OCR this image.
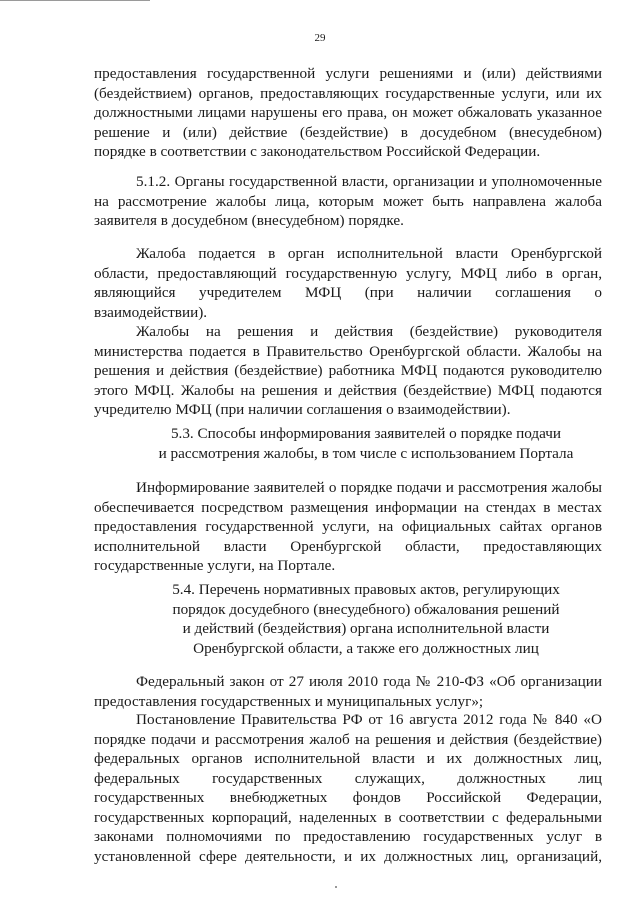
29
предоставления государственной услуги решениями и (или) действиями
(бездействием) органов, предоставляющих государственные услуги, или их
должностными лицами нарушены его права, он может обжаловать указанное
решение и (или) действие (бездействие) в досудебном (внесудебном)
порядке в соответствии с законодательством Российской Федерации.
5.1.2. Органы государственной власти, организации и уполномоченные
на рассмотрение жалобы лица, которым может быть направлена жалоба
заявителя в досудебном (внесудебном) порядке.
Жалоба подается в орган исполнительной власти Оренбургской
области, предоставляющий государственную услугу, МФЦ либо в орган,
являющийся учредителем МФЦ (при наличии соглашения о
взаимодействии).
Жалобы на решения и действия (бездействие) руководителя
министерства подается в Правительство Оренбургской области. Жалобы на
решения и действия (бездействие) работника МФЦ подаются руководителю
этого МФЦ. Жалобы на решения и действия (бездействие) МФЦ подаются
учредителю МФЦ (при наличии соглашения о взаимодействии).
5.3. Способы информирования заявителей о порядке подачи
и рассмотрения жалобы, в том числе с использованием Портала
Информирование заявителей о порядке подачи и рассмотрения жалобы
обеспечивается посредством размещения информации на стендах в местах
предоставления государственной услуги, на официальных сайтах органов
исполнительной власти Оренбургской области, предоставляющих
государственные услуги, на Портале.
5.4. Перечень нормативных правовых актов, регулирующих
порядок досудебного (внесудебного) обжалования решений
и действий (бездействия) органа исполнительной власти
Оренбургской области, а также его должностных лиц
Федеральный закон от 27 июля 2010 года № 210-ФЗ «Об организации
предоставления государственных и муниципальных услуг»;
Постановление Правительства РФ от 16 августа 2012 года № 840 «О
порядке подачи и рассмотрения жалоб на решения и действия (бездействие)
федеральных органов исполнительной власти и их должностных лиц,
федеральных государственных служащих, должностных лиц
государственных внебюджетных фондов Российской Федерации,
государственных корпораций, наделенных в соответствии с федеральными
законами полномочиями по предоставлению государственных услуг в
установленной сфере деятельности, и их должностных лиц, организаций,
